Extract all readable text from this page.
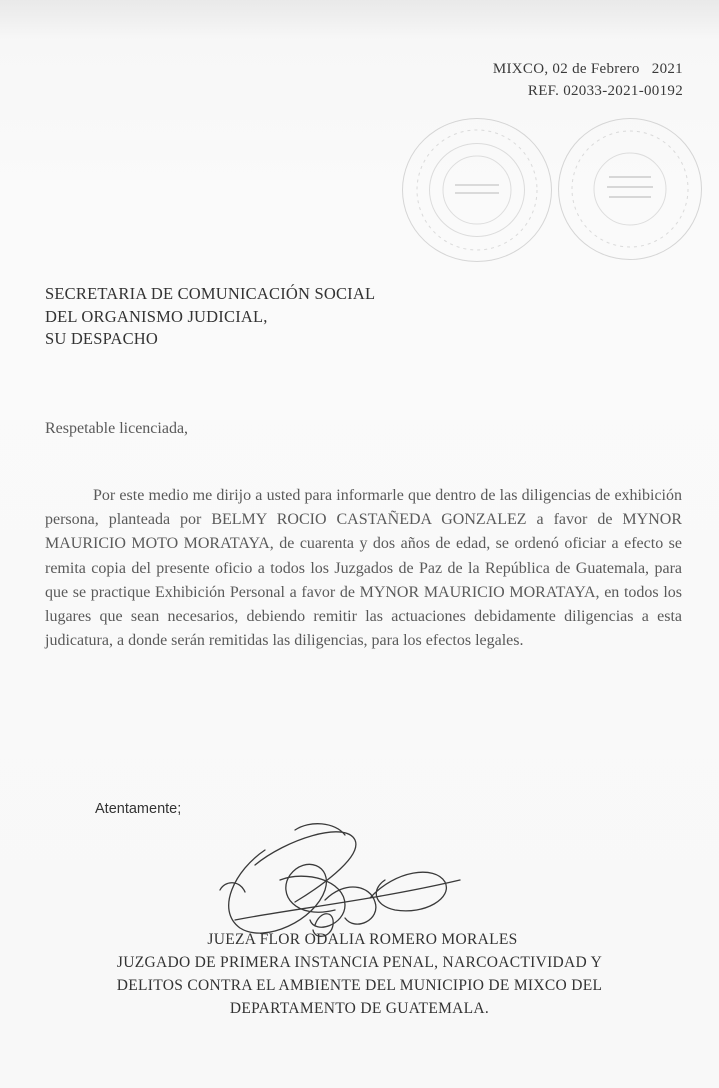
MIXCO, 02 de Febrero   2021
REF. 02033-2021-00192
SECRETARIA DE COMUNICACIÓN SOCIAL
DEL ORGANISMO JUDICIAL,
SU DESPACHO
Respetable licenciada,
Por este medio me dirijo a usted para informarle que dentro de las diligencias de exhibición persona, planteada por BELMY ROCIO CASTAÑEDA GONZALEZ a favor de MYNOR MAURICIO MOTO MORATAYA, de cuarenta y dos años de edad, se ordenó oficiar a efecto se remita copia del presente oficio a todos los Juzgados de Paz de la República de Guatemala, para que se practique Exhibición Personal a favor de MYNOR MAURICIO MORATAYA, en todos los lugares que sean necesarios, debiendo remitir las actuaciones debidamente diligencias a esta judicatura, a donde serán remitidas las diligencias, para los efectos legales.
Atentamente;
JUEZA FLOR ODALIA ROMERO MORALES
JUZGADO DE PRIMERA INSTANCIA PENAL, NARCOACTIVIDAD Y
DELITOS CONTRA EL AMBIENTE DEL MUNICIPIO DE MIXCO DEL
DEPARTAMENTO DE GUATEMALA.
